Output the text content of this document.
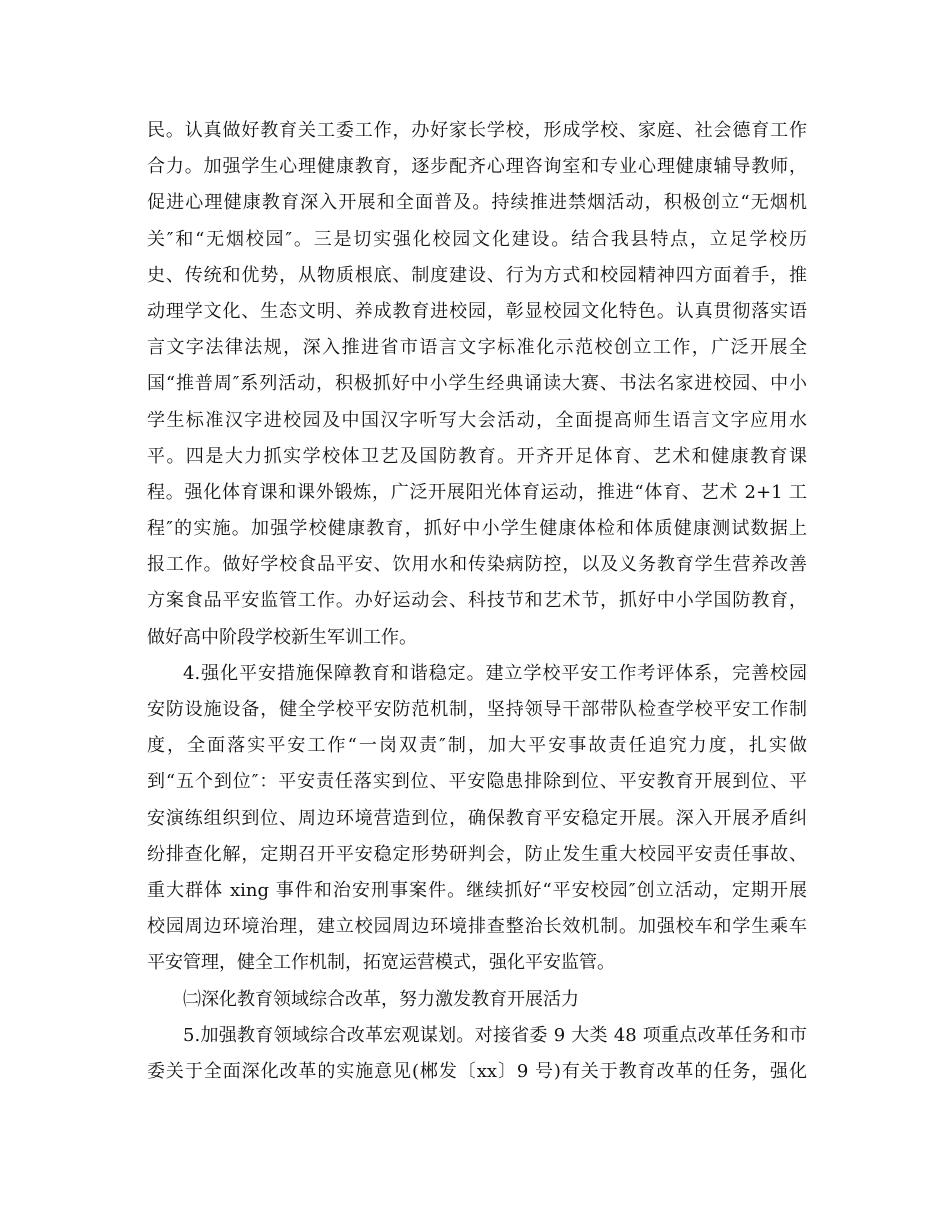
民。认真做好教育关工委工作，办好家长学校，形成学校、家庭、社会德育工作
合力。加强学生心理健康教育，逐步配齐心理咨询室和专业心理健康辅导教师，
促进心理健康教育深入开展和全面普及。持续推进禁烟活动，积极创立“无烟机
关″和“无烟校园″。三是切实强化校园文化建设。结合我县特点，立足学校历
史、传统和优势，从物质根底、制度建设、行为方式和校园精神四方面着手，推
动理学文化、生态文明、养成教育进校园，彰显校园文化特色。认真贯彻落实语
言文字法律法规，深入推进省市语言文字标准化示范校创立工作，广泛开展全
国“推普周″系列活动，积极抓好中小学生经典诵读大赛、书法名家进校园、中小
学生标准汉字进校园及中国汉字听写大会活动，全面提高师生语言文字应用水
平。四是大力抓实学校体卫艺及国防教育。开齐开足体育、艺术和健康教育课
程。强化体育课和课外锻炼，广泛开展阳光体育运动，推进“体育、艺术 2+1 工
程″的实施。加强学校健康教育，抓好中小学生健康体检和体质健康测试数据上
报工作。做好学校食品平安、饮用水和传染病防控，以及义务教育学生营养改善
方案食品平安监管工作。办好运动会、科技节和艺术节，抓好中小学国防教育，
做好高中阶段学校新生军训工作。
4.强化平安措施保障教育和谐稳定。建立学校平安工作考评体系，完善校园
安防设施设备，健全学校平安防范机制，坚持领导干部带队检查学校平安工作制
度，全面落实平安工作“一岗双责″制，加大平安事故责任追究力度，扎实做
到“五个到位″：平安责任落实到位、平安隐患排除到位、平安教育开展到位、平
安演练组织到位、周边环境营造到位，确保教育平安稳定开展。深入开展矛盾纠
纷排查化解，定期召开平安稳定形势研判会，防止发生重大校园平安责任事故、
重大群体 xing 事件和治安刑事案件。继续抓好“平安校园″创立活动，定期开展
校园周边环境治理，建立校园周边环境排查整治长效机制。加强校车和学生乘车
平安管理，健全工作机制，拓宽运营模式，强化平安监管。
㈡深化教育领域综合改革，努力激发教育开展活力
5.加强教育领域综合改革宏观谋划。对接省委 9 大类 48 项重点改革任务和市
委关于全面深化改革的实施意见(郴发〔xx〕9 号)有关于教育改革的任务，强化
